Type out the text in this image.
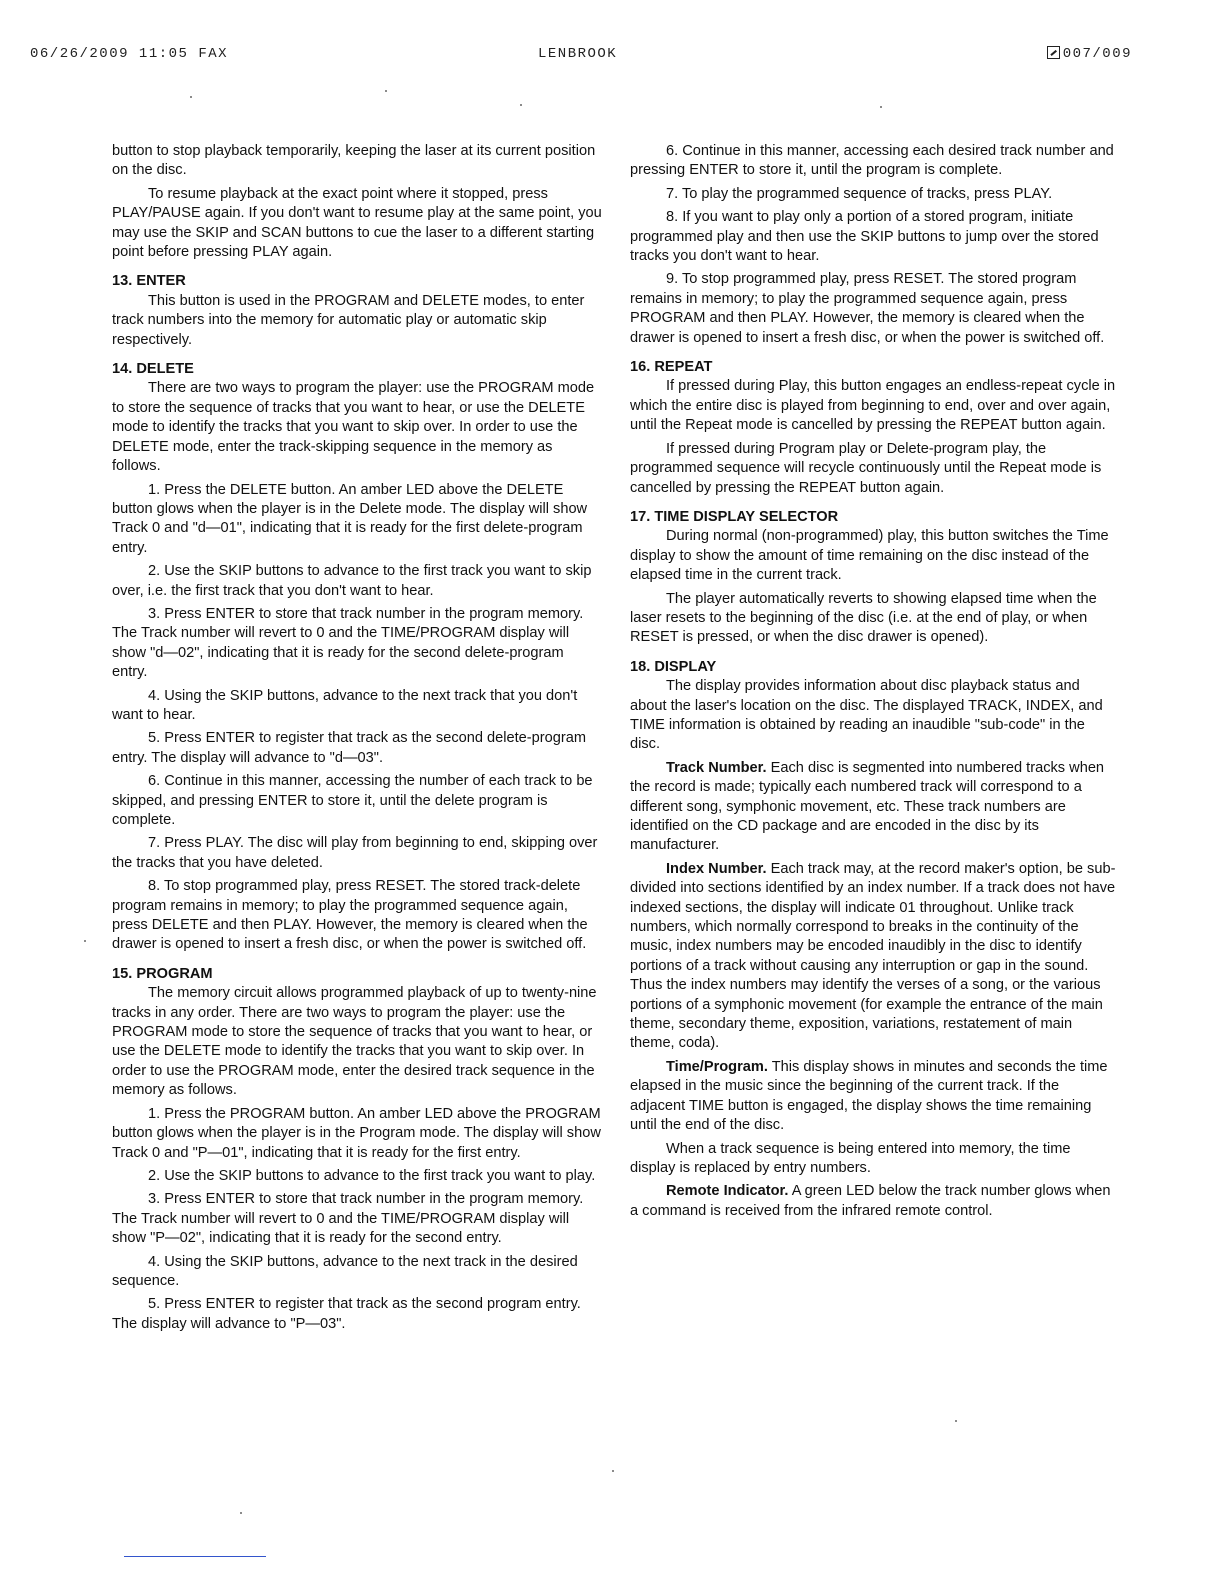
06/26/2009 11:05 FAX	LENBROOK	007/009

button to stop playback temporarily, keeping the laser at its current position on the disc.

To resume playback at the exact point where it stopped, press PLAY/PAUSE again. If you don't want to resume play at the same point, you may use the SKIP and SCAN buttons to cue the laser to a different starting point before pressing PLAY again.

13. ENTER

This button is used in the PROGRAM and DELETE modes, to enter track numbers into the memory for automatic play or automatic skip respectively.

14. DELETE

There are two ways to program the player: use the PROGRAM mode to store the sequence of tracks that you want to hear, or use the DELETE mode to identify the tracks that you want to skip over. In order to use the DELETE mode, enter the track-skipping sequence in the memory as follows.

1. Press the DELETE button. An amber LED above the DELETE button glows when the player is in the Delete mode. The display will show Track 0 and "d—01", indicating that it is ready for the first delete-program entry.

2. Use the SKIP buttons to advance to the first track you want to skip over, i.e. the first track that you don't want to hear.

3. Press ENTER to store that track number in the program memory. The Track number will revert to 0 and the TIME/PROGRAM display will show "d—02", indicating that it is ready for the second delete-program entry.

4. Using the SKIP buttons, advance to the next track that you don't want to hear.

5. Press ENTER to register that track as the second delete-program entry. The display will advance to "d—03".

6. Continue in this manner, accessing the number of each track to be skipped, and pressing ENTER to store it, until the delete program is complete.

7. Press PLAY. The disc will play from beginning to end, skipping over the tracks that you have deleted.

8. To stop programmed play, press RESET. The stored track-delete program remains in memory; to play the programmed sequence again, press DELETE and then PLAY. However, the memory is cleared when the drawer is opened to insert a fresh disc, or when the power is switched off.

15. PROGRAM

The memory circuit allows programmed playback of up to twenty-nine tracks in any order. There are two ways to program the player: use the PROGRAM mode to store the sequence of tracks that you want to hear, or use the DELETE mode to identify the tracks that you want to skip over. In order to use the PROGRAM mode, enter the desired track sequence in the memory as follows.

1. Press the PROGRAM button. An amber LED above the PROGRAM button glows when the player is in the Program mode. The display will show Track 0 and "P—01", indicating that it is ready for the first entry.

2. Use the SKIP buttons to advance to the first track you want to play.

3. Press ENTER to store that track number in the program memory. The Track number will revert to 0 and the TIME/PROGRAM display will show "P—02", indicating that it is ready for the second entry.

4. Using the SKIP buttons, advance to the next track in the desired sequence.

5. Press ENTER to register that track as the second program entry. The display will advance to "P—03".

6. Continue in this manner, accessing each desired track number and pressing ENTER to store it, until the program is complete.

7. To play the programmed sequence of tracks, press PLAY.

8. If you want to play only a portion of a stored program, initiate programmed play and then use the SKIP buttons to jump over the stored tracks you don't want to hear.

9. To stop programmed play, press RESET. The stored program remains in memory; to play the programmed sequence again, press PROGRAM and then PLAY. However, the memory is cleared when the drawer is opened to insert a fresh disc, or when the power is switched off.

16. REPEAT

If pressed during Play, this button engages an endless-repeat cycle in which the entire disc is played from beginning to end, over and over again, until the Repeat mode is cancelled by pressing the REPEAT button again.

If pressed during Program play or Delete-program play, the programmed sequence will recycle continuously until the Repeat mode is cancelled by pressing the REPEAT button again.

17. TIME DISPLAY SELECTOR

During normal (non-programmed) play, this button switches the Time display to show the amount of time remaining on the disc instead of the elapsed time in the current track.

The player automatically reverts to showing elapsed time when the laser resets to the beginning of the disc (i.e. at the end of play, or when RESET is pressed, or when the disc drawer is opened).

18. DISPLAY

The display provides information about disc playback status and about the laser's location on the disc. The displayed TRACK, INDEX, and TIME information is obtained by reading an inaudible "sub-code" in the disc.

Track Number. Each disc is segmented into numbered tracks when the record is made; typically each numbered track will correspond to a different song, symphonic movement, etc. These track numbers are identified on the CD package and are encoded in the disc by its manufacturer.

Index Number. Each track may, at the record maker's option, be sub-divided into sections identified by an index number. If a track does not have indexed sections, the display will indicate 01 throughout. Unlike track numbers, which normally correspond to breaks in the continuity of the music, index numbers may be encoded inaudibly in the disc to identify portions of a track without causing any interruption or gap in the sound. Thus the index numbers may identify the verses of a song, or the various portions of a symphonic movement (for example the entrance of the main theme, secondary theme, exposition, variations, restatement of main theme, coda).

Time/Program. This display shows in minutes and seconds the time elapsed in the music since the beginning of the current track. If the adjacent TIME button is engaged, the display shows the time remaining until the end of the disc.

When a track sequence is being entered into memory, the time display is replaced by entry numbers.

Remote Indicator. A green LED below the track number glows when a command is received from the infrared remote control.
